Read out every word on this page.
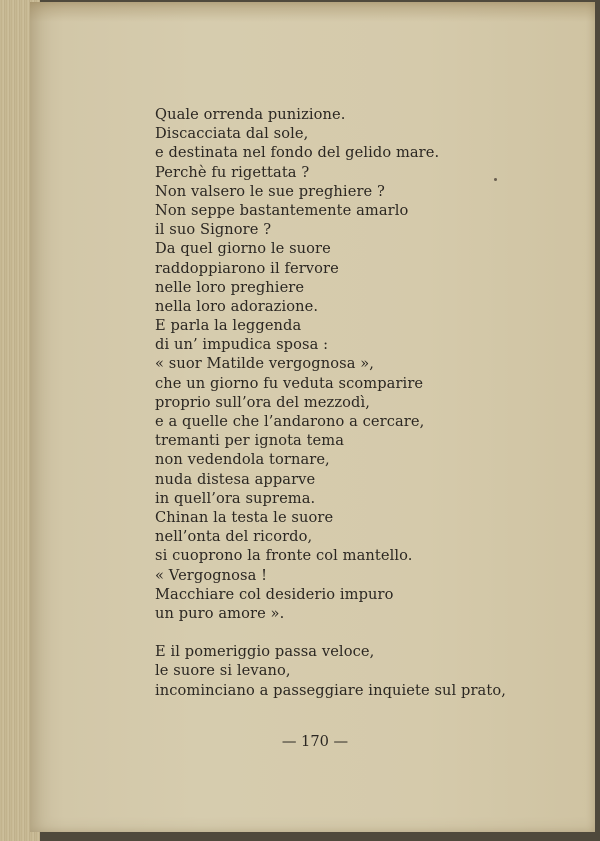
Quale orrenda punizione.
Discacciata dal sole,
e destinata nel fondo del gelido mare.
Perchè fu rigettata ?
Non valsero le sue preghiere ?
Non seppe bastantemente amarlo
il suo Signore ?
Da quel giorno le suore
raddoppiarono il fervore
nelle loro preghiere
nella loro adorazione.
E parla la leggenda
di un’ impudica sposa :
« suor Matilde vergognosa »,
che un giorno fu veduta scomparire
proprio sull’ora del mezzodì,
e a quelle che l’andarono a cercare,
tremanti per ignota tema
non vedendola tornare,
nuda distesa apparve
in quell’ora suprema.
Chinan la testa le suore
nell’onta del ricordo,
si cuoprono la fronte col mantello.
« Vergognosa !
Macchiare col desiderio impuro
un puro amore ».
E il pomeriggio passa veloce,
le suore si levano,
incominciano a passeggiare inquiete sul prato,
— 170 —
